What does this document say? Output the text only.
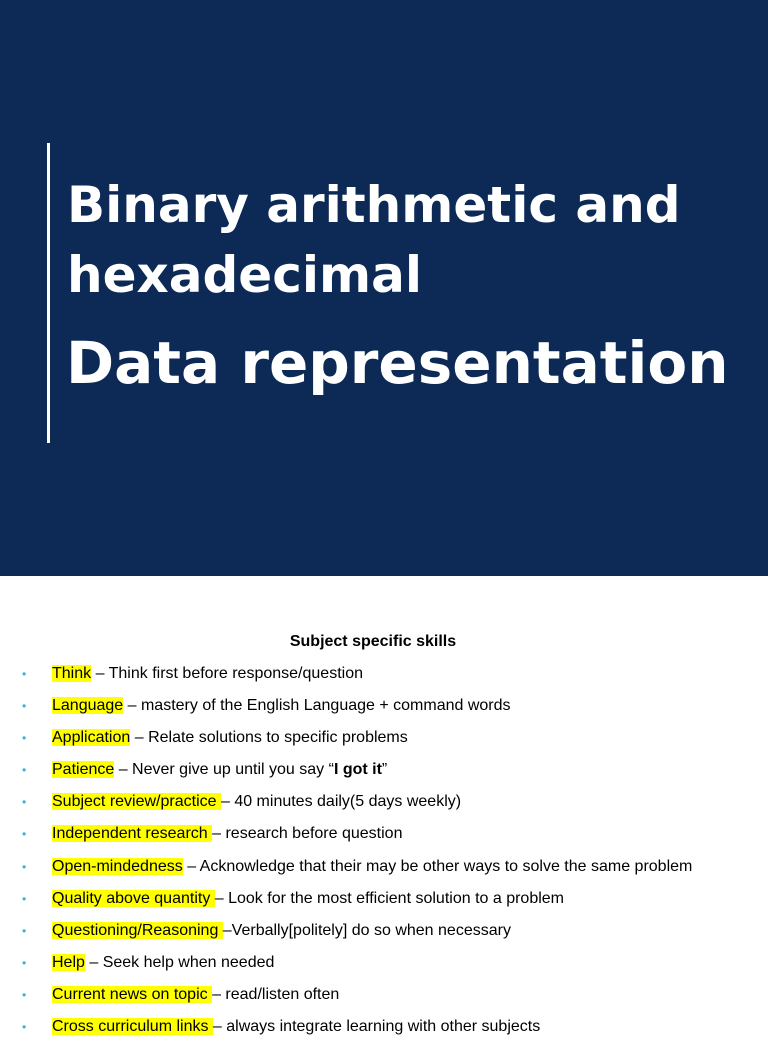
Binary arithmetic and hexadecimal
Data representation
Subject specific skills
• Think – Think first before response/question
• Language – mastery of the English Language + command words
• Application – Relate solutions to specific problems
• Patience – Never give up until you say “I got it”
• Subject review/practice – 40 minutes daily(5 days weekly)
• Independent research – research before question
• Open-mindedness – Acknowledge that their may be other ways to solve the same problem
• Quality above quantity – Look for the most efficient solution to a problem
• Questioning/Reasoning –Verbally[politely] do so when necessary
• Help – Seek help when needed
• Current news on topic – read/listen often
• Cross curriculum links – always integrate learning with other subjects
